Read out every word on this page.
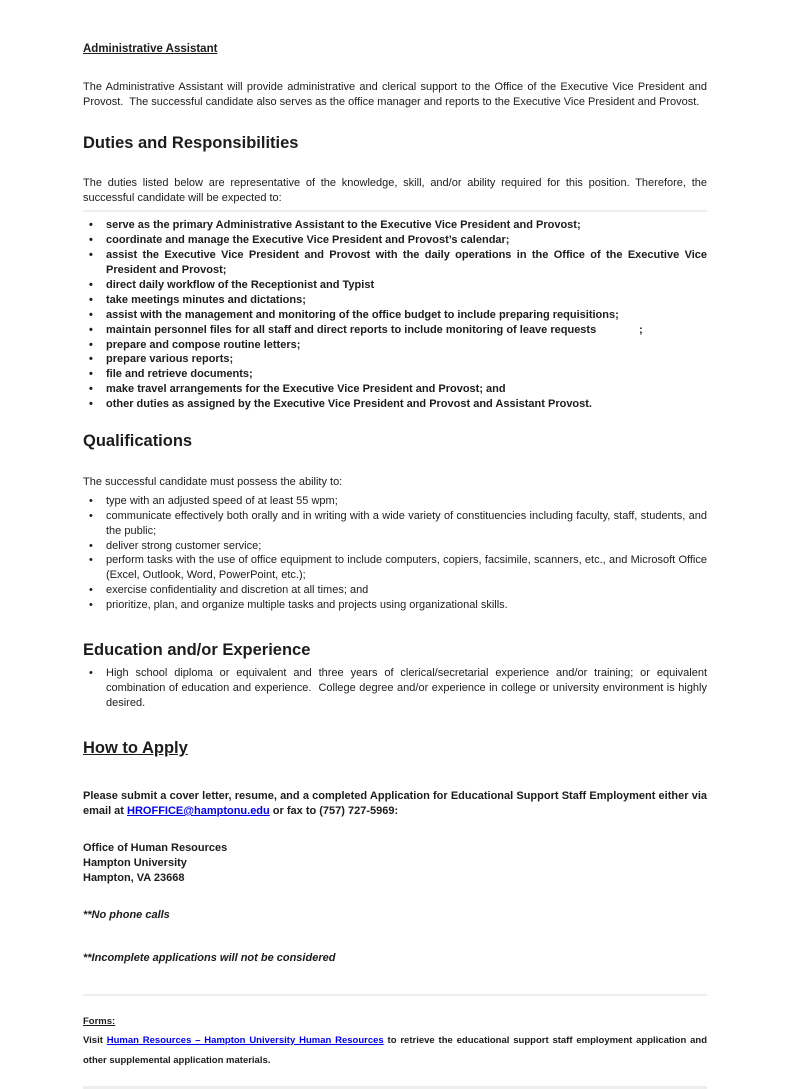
Administrative Assistant

The Administrative Assistant will provide administrative and clerical support to the Office of the Executive Vice President and Provost.  The successful candidate also serves as the office manager and reports to the Executive Vice President and Provost.

Duties and Responsibilities

The duties listed below are representative of the knowledge, skill, and/or ability required for this position. Therefore, the successful candidate will be expected to:

• serve as the primary Administrative Assistant to the Executive Vice President and Provost;
• coordinate and manage the Executive Vice President and Provost’s calendar;
• assist the Executive Vice President and Provost with the daily operations in the Office of the Executive Vice President and Provost;
• direct daily workflow of the Receptionist and Typist
• take meetings minutes and dictations;
• assist with the management and monitoring of the office budget to include preparing requisitions;
• maintain personnel files for all staff and direct reports to include monitoring of leave requests              ;
• prepare and compose routine letters;
• prepare various reports;
• file and retrieve documents;
• make travel arrangements for the Executive Vice President and Provost; and
• other duties as assigned by the Executive Vice President and Provost and Assistant Provost.
Qualifications

The successful candidate must possess the ability to:

• type with an adjusted speed of at least 55 wpm;
• communicate effectively both orally and in writing with a wide variety of constituencies including faculty, staff, students, and the public;
• deliver strong customer service;
• perform tasks with the use of office equipment to include computers, copiers, facsimile, scanners, etc., and Microsoft Office (Excel, Outlook, Word, PowerPoint, etc.);
• exercise confidentiality and discretion at all times; and
• prioritize, plan, and organize multiple tasks and projects using organizational skills.
Education and/or Experience
• High school diploma or equivalent and three years of clerical/secretarial experience and/or training; or equivalent combination of education and experience.  College degree and/or experience in college or university environment is highly desired.
How to Apply

Please submit a cover letter, resume, and a completed Application for Educational Support Staff Employment either via email at HROFFICE@hamptonu.edu or fax to (757) 727-5969:

Office of Human Resources
Hampton University
Hampton, VA 23668

**No phone calls

**Incomplete applications will not be considered

Forms:

Visit Human Resources – Hampton University Human Resources to retrieve the educational support staff employment application and other supplemental application materials.
